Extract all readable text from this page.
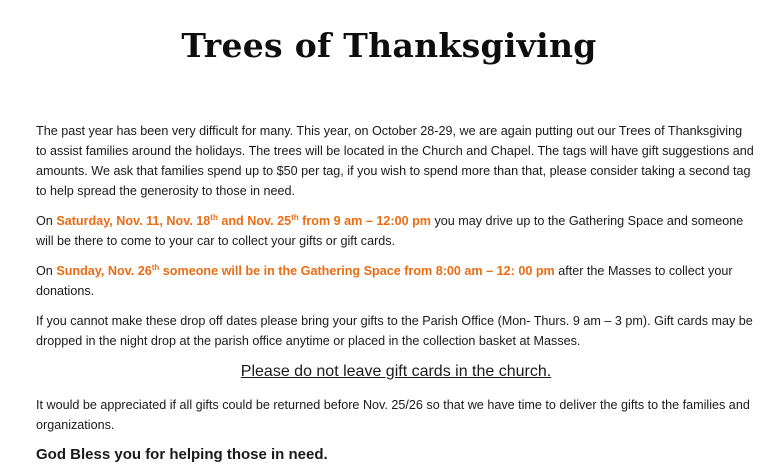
Trees of Thanksgiving

The past year has been very difficult for many. This year, on October 28-29, we are again putting out our Trees of Thanksgiving to assist families around the holidays. The trees will be located in the Church and Chapel. The tags will have gift suggestions and amounts. We ask that families spend up to $50 per tag, if you wish to spend more than that, please consider taking a second tag to help spread the generosity to those in need.

On Saturday, Nov. 11, Nov. 18th and Nov. 25th from 9 am – 12:00 pm you may drive up to the Gathering Space and someone will be there to come to your car to collect your gifts or gift cards.

On Sunday, Nov. 26th someone will be in the Gathering Space from 8:00 am – 12: 00 pm after the Masses to collect your donations.

If you cannot make these drop off dates please bring your gifts to the Parish Office (Mon- Thurs. 9 am – 3 pm). Gift cards may be dropped in the night drop at the parish office anytime or placed in the collection basket at Masses.

Please do not leave gift cards in the church.

It would be appreciated if all gifts could be returned before Nov. 25/26 so that we have time to deliver the gifts to the families and organizations.

God Bless you for helping those in need.
